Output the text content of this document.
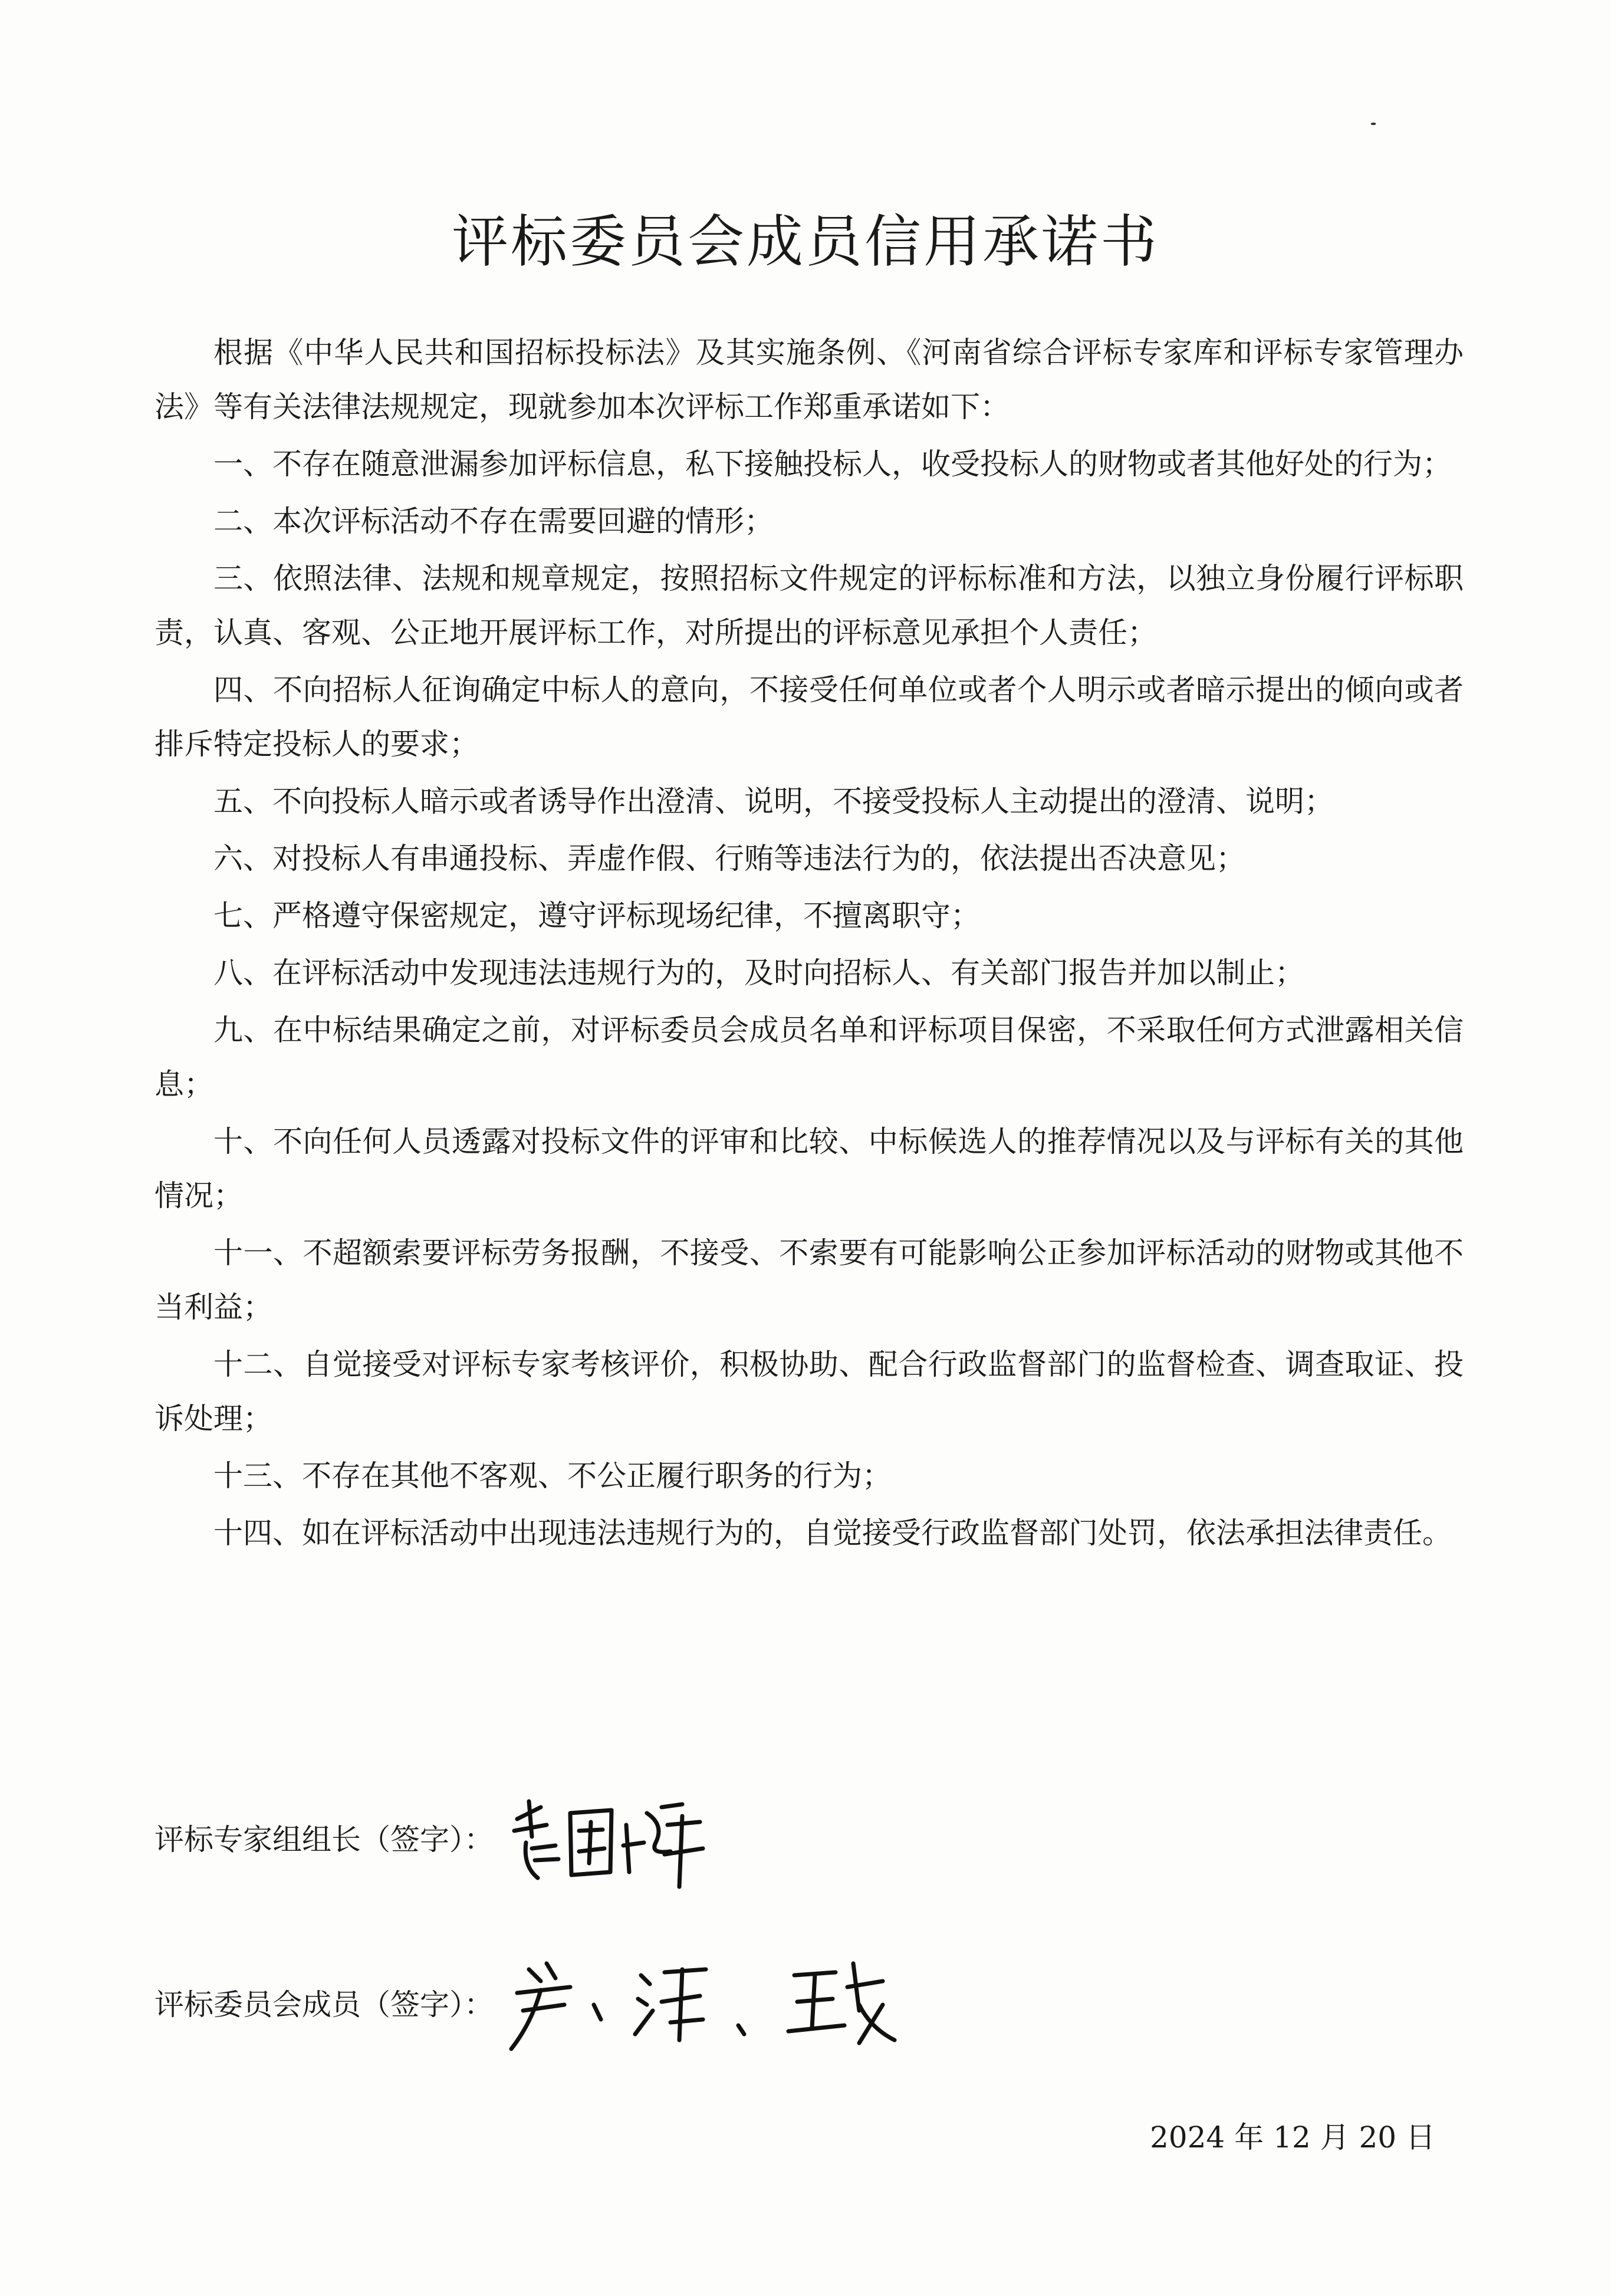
评标委员会成员信用承诺书

根据《中华人民共和国招标投标法》及其实施条例、《河南省综合评标专家库和评标专家管理办法》等有关法律法规规定，现就参加本次评标工作郑重承诺如下：

一、不存在随意泄漏参加评标信息，私下接触投标人，收受投标人的财物或者其他好处的行为；

二、本次评标活动不存在需要回避的情形；

三、依照法律、法规和规章规定，按照招标文件规定的评标标准和方法，以独立身份履行评标职责，认真、客观、公正地开展评标工作，对所提出的评标意见承担个人责任；

四、不向招标人征询确定中标人的意向，不接受任何单位或者个人明示或者暗示提出的倾向或者排斥特定投标人的要求；

五、不向投标人暗示或者诱导作出澄清、说明，不接受投标人主动提出的澄清、说明；

六、对投标人有串通投标、弄虚作假、行贿等违法行为的，依法提出否决意见；

七、严格遵守保密规定，遵守评标现场纪律，不擅离职守；

八、在评标活动中发现违法违规行为的，及时向招标人、有关部门报告并加以制止；

九、在中标结果确定之前，对评标委员会成员名单和评标项目保密，不采取任何方式泄露相关信息；

十、不向任何人员透露对投标文件的评审和比较、中标候选人的推荐情况以及与评标有关的其他情况；

十一、不超额索要评标劳务报酬，不接受、不索要有可能影响公正参加评标活动的财物或其他不当利益；

十二、自觉接受对评标专家考核评价，积极协助、配合行政监督部门的监督检查、调查取证、投诉处理；

十三、不存在其他不客观、不公正履行职务的行为；

十四、如在评标活动中出现违法违规行为的，自觉接受行政监督部门处罚，依法承担法律责任。

评标专家组组长（签字）：
评标委员会成员（签字）：
2024 年 12 月 20 日
